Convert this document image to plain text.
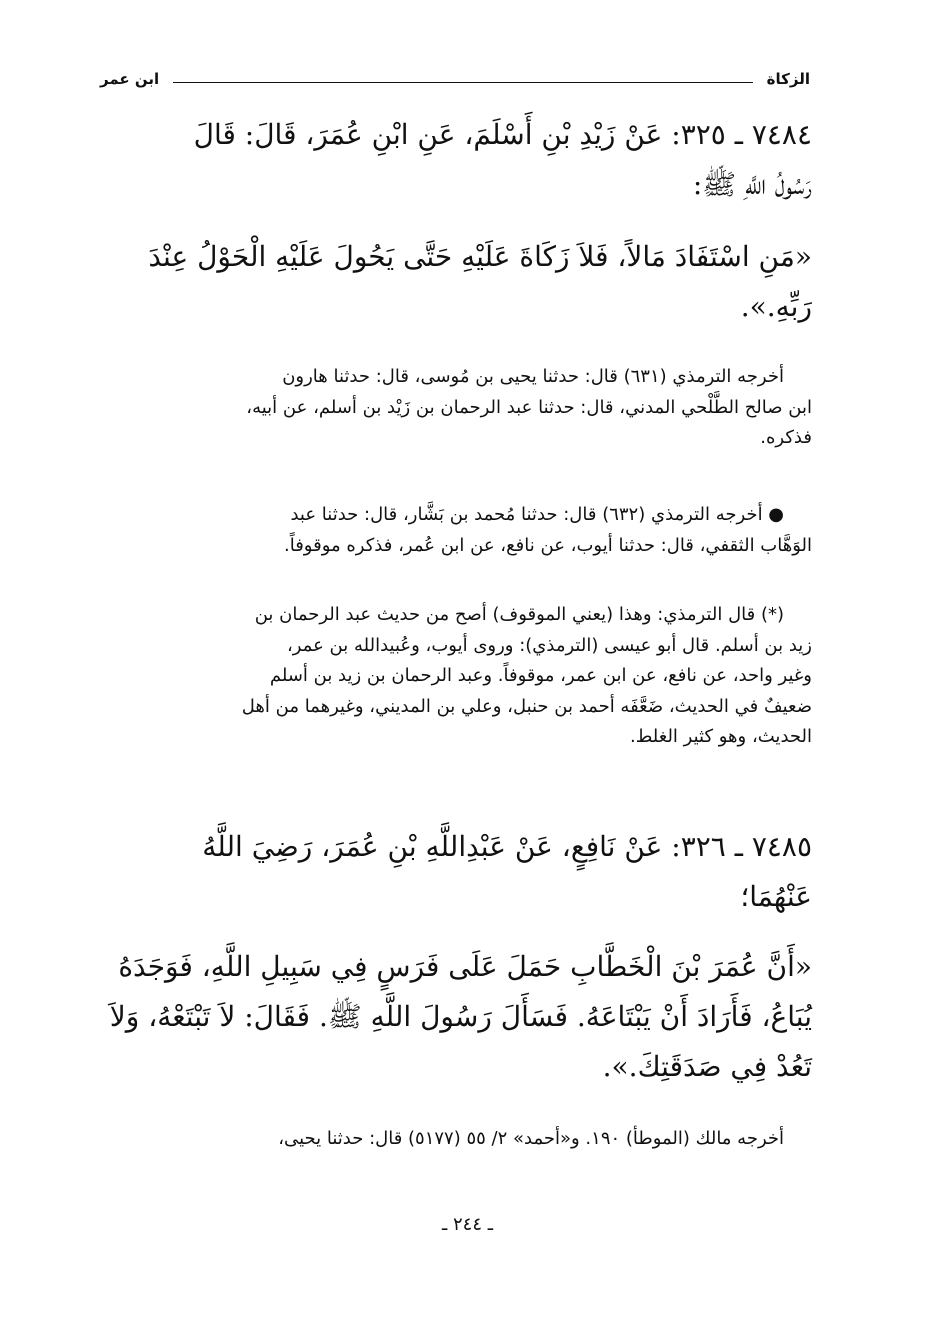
الزكاة
ابن عمر

٧٤٨٤ ـ ٣٢٥: عَنْ زَيْدِ بْنِ أَسْلَمَ، عَنِ ابْنِ عُمَرَ، قَالَ: قَالَ

رَسُولُ اللَّهِ ﷺ:

«مَنِ اسْتَفَادَ مَالاً، فَلاَ زَكَاةَ عَلَيْهِ حَتَّى يَحُولَ عَلَيْهِ الْحَوْلُ عِنْدَ

رَبِّهِ.».

أخرجه الترمذي (٦٣١) قال: حدثنا يحيى بن مُوسى، قال: حدثنا هارون

ابن صالح الطَّلْحي المدني، قال: حدثنا عبد الرحمان بن زَيْد بن أسلم، عن أبيه،

فذكره.

● أخرجه الترمذي (٦٣٢) قال: حدثنا مُحمد بن بَشَّار، قال: حدثنا عبد

الوَهَّاب الثقفي، قال: حدثنا أيوب، عن نافع، عن ابن عُمر، فذكره موقوفاً.

(*) قال الترمذي: وهذا (يعني الموقوف) أصح من حديث عبد الرحمان بن

زيد بن أسلم. قال أبو عيسى (الترمذي): وروى أيوب، وعُبيدالله بن عمر،

وغير واحد، عن نافع، عن ابن عمر، موقوفاً. وعبد الرحمان بن زيد بن أسلم

ضعيفٌ في الحديث، ضَعَّفَه أحمد بن حنبل، وعلي بن المديني، وغيرهما من أهل

الحديث، وهو كثير الغلط.

٧٤٨٥ ـ ٣٢٦: عَنْ نَافِعٍ، عَنْ عَبْدِاللَّهِ بْنِ عُمَرَ، رَضِيَ اللَّهُ

عَنْهُمَا؛

«أَنَّ عُمَرَ بْنَ الْخَطَّابِ حَمَلَ عَلَى فَرَسٍ فِي سَبِيلِ اللَّهِ، فَوَجَدَهُ

يُبَاعُ، فَأَرَادَ أَنْ يَبْتَاعَهُ. فَسَأَلَ رَسُولَ اللَّهِ ﷺ. فَقَالَ: لاَ تَبْتَعْهُ، وَلاَ

تَعُدْ فِي صَدَقَتِكَ.».

أخرجه مالك (الموطأ) ١٩٠. و«أحمد» ٢/ ٥٥ (٥١٧٧) قال: حدثنا يحيى،

ـ ٢٤٤ ـ
